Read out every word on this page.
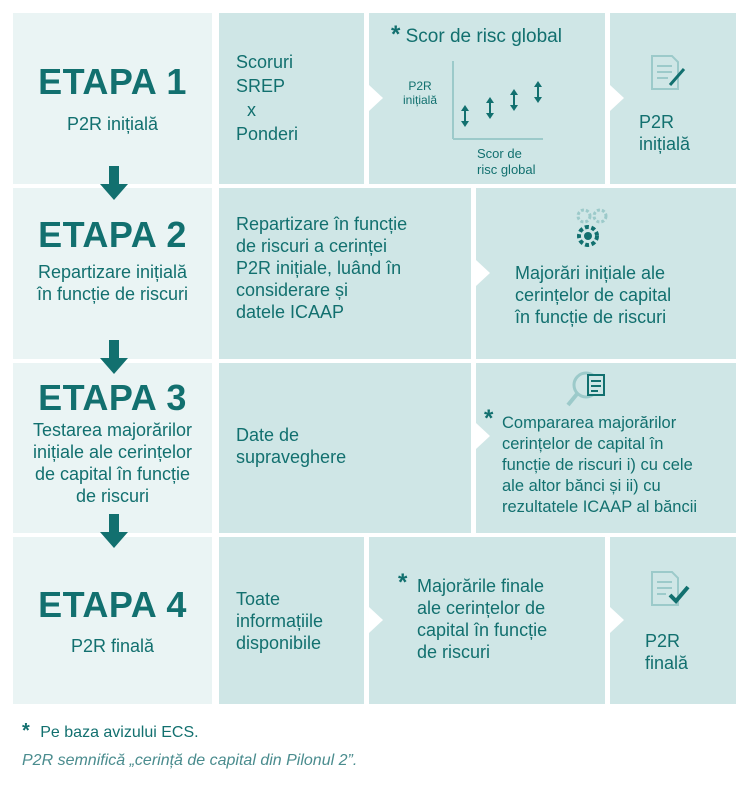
ETAPA 1
P2R inițială
ETAPA 2
Repartizare inițială
în funcție de riscuri
ETAPA 3
Testarea majorărilor
inițiale ale cerințelor
de capital în funcție
de riscuri
ETAPA 4
P2R finală
Scoruri
SREP
x
Ponderi
* Scor de risc global
P2R
inițială
Scor de
risc global
P2R
inițială
Repartizare în funcție
de riscuri a cerinței
P2R inițiale, luând în
considerare și
datele ICAAP
Majorări inițiale ale
cerințelor de capital
în funcție de riscuri
Date de
supraveghere
* Compararea majorărilor
cerințelor de capital în
funcție de riscuri i) cu cele
ale altor bănci și ii) cu
rezultatele ICAAP al băncii
Toate
informațiile
disponibile
* Majorările finale
ale cerințelor de
capital în funcție
de riscuri
P2R
finală
* Pe baza avizului ECS.
P2R semnifică „cerință de capital din Pilonul 2”.
